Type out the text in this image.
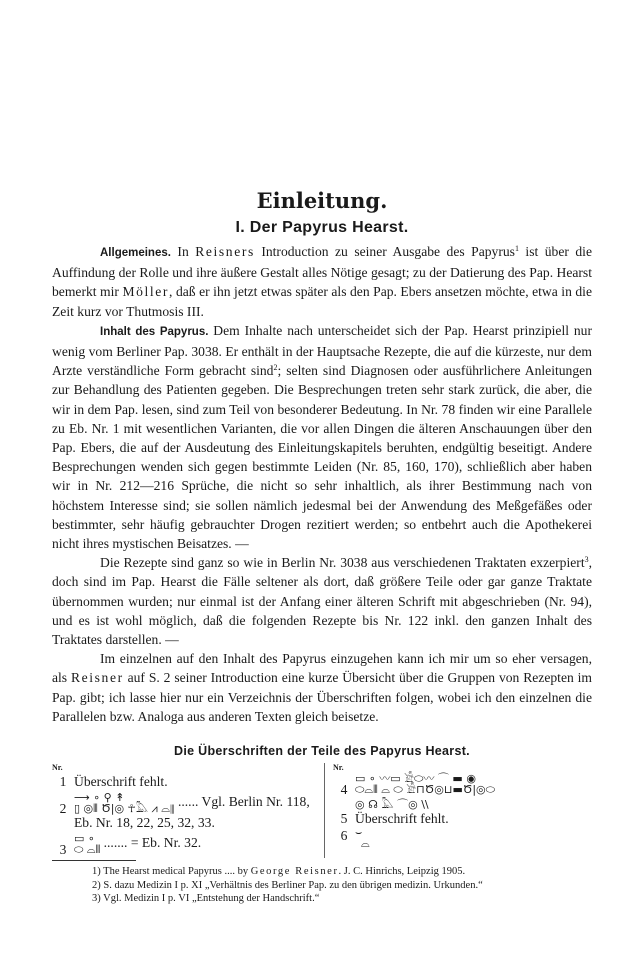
Einleitung.
I. Der Papyrus Hearst.

Allgemeines. In Reisners Introduction zu seiner Ausgabe des Papyrus$^1$ ist über die Auffindung der Rolle und ihre äußere Gestalt alles Nötige gesagt; zu der Datierung des Pap. Hearst bemerkt mir Möller, daß er ihn jetzt etwas später als den Pap. Ebers ansetzen möchte, etwa in die Zeit kurz vor Thutmosis III.

Inhalt des Papyrus. Dem Inhalte nach unterscheidet sich der Pap. Hearst prinzipiell nur wenig vom Berliner Pap. 3038. Er enthält in der Hauptsache Rezepte, die auf die kürzeste, nur dem Arzte verständliche Form gebracht sind$^2$; selten sind Diagnosen oder ausführlichere Anleitungen zur Behandlung des Patienten gegeben. Die Besprechungen treten sehr stark zurück, die aber, die wir in dem Pap. lesen, sind zum Teil von besonderer Bedeutung. In Nr. 78 finden wir eine Parallele zu Eb. Nr. 1 mit wesentlichen Varianten, die vor allen Dingen die älteren Anschauungen über den Pap. Ebers, die auf der Ausdeutung des Einleitungskapitels beruhten, endgültig beseitigt. Andere Besprechungen wenden sich gegen bestimmte Leiden (Nr. 85, 160, 170), schließlich aber haben wir in Nr. 212—216 Sprüche, die nicht so sehr inhaltlich, als ihrer Bestimmung nach von höchstem Interesse sind; sie sollen nämlich jedesmal bei der Anwendung des Meßgefäßes oder bestimmter, sehr häufig gebrauchter Drogen rezitiert werden; so entbehrt auch die Apothekerei nicht ihres mystischen Beisatzes. —

Die Rezepte sind ganz so wie in Berlin Nr. 3038 aus verschiedenen Traktaten exzerpiert$^3$, doch sind im Pap. Hearst die Fälle seltener als dort, daß größere Teile oder gar ganze Traktate übernommen wurden; nur einmal ist der Anfang einer älteren Schrift mit abgeschrieben (Nr. 94), und es ist wohl möglich, daß die folgenden Rezepte bis Nr. 122 inkl. den ganzen Inhalt des Traktates darstellen. —

Im einzelnen auf den Inhalt des Papyrus einzugehen kann ich mir um so eher versagen, als Reisner auf S. 2 seiner Introduction eine kurze Übersicht über die Gruppen von Rezepten im Pap. gibt; ich lasse hier nur ein Verzeichnis der Überschriften folgen, wobei ich den einzelnen die Parallelen bzw. Analoga aus anderen Texten gleich beisetze.

Die Überschriften der Teile des Papyrus Hearst.
Nr.
1 Überschrift fehlt.
2
⟶ ∘ ⚲ ↟
▯ ◎⫴ Ծ|◎ ☥𓅓 ⩘ ⌓⫴ ...... Vgl. Berlin Nr. 118, Eb. Nr. 18, 22, 25, 32, 33.
3
▭ ∘
⬭ ⌓⫴ ....... = Eb. Nr. 32.
Nr.
4
▭ ∘ 〰▭ 𓀀⬭〰 ⌒ ▬ ◉
⬭⌓⫴ ⌓ ⬭ 𓀀⊓Ծ◎⊔▬Ծ|◎⬭
◎ ☊ 𓅓 ⌒◎ \\
5 Überschrift fehlt.
6 ⌣
⌓
1) The Hearst medical Papyrus .... by George Reisner. J. C. Hinrichs, Leipzig 1905.
2) S. dazu Medizin I p. XI „Verhältnis des Berliner Pap. zu den übrigen medizin. Urkunden.“
3) Vgl. Medizin I p. VI „Entstehung der Handschrift.“
